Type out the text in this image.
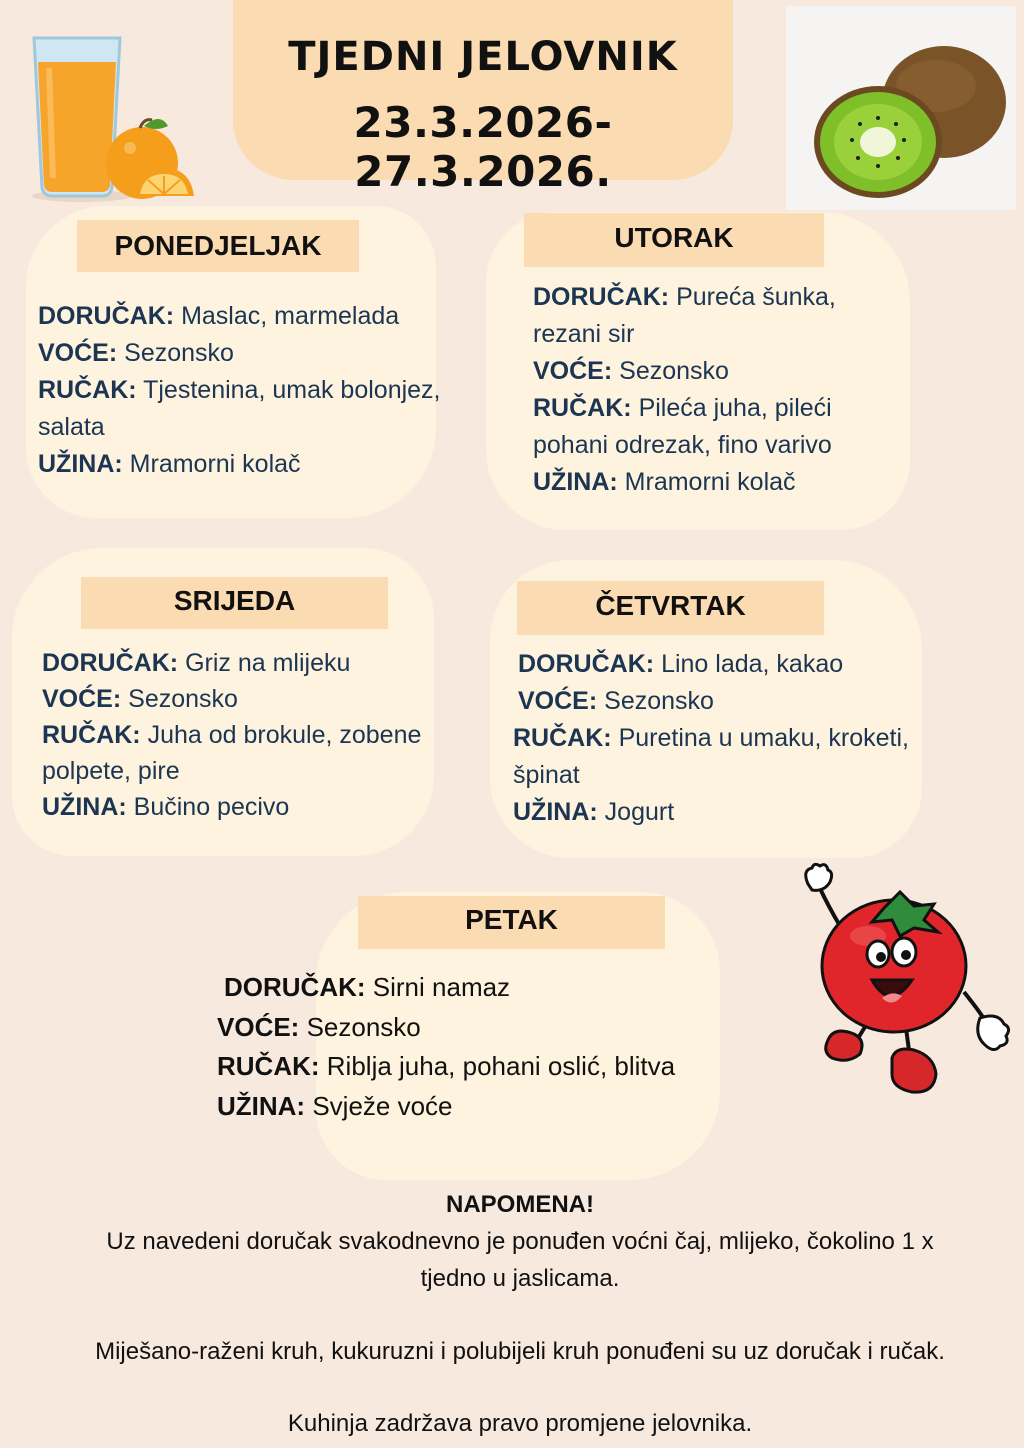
TJEDNI JELOVNIK
23.3.2026-27.3.2026.
PONEDJELJAK
DORUČAK: Maslac, marmelada
VOĆE: Sezonsko
RUČAK: Tjestenina, umak bolonjez,
salata
UŽINA: Mramorni kolač
UTORAK
DORUČAK: Pureća šunka,
rezani sir
VOĆE: Sezonsko
RUČAK: Pileća juha, pileći
pohani odrezak, fino varivo
UŽINA: Mramorni kolač
SRIJEDA
DORUČAK: Griz na mlijeku
VOĆE: Sezonsko
RUČAK: Juha od brokule, zobene
polpete, pire
UŽINA: Bučino pecivo
ČETVRTAK
DORUČAK: Lino lada, kakao
VOĆE: Sezonsko
RUČAK: Puretina u umaku, kroketi,
špinat
UŽINA: Jogurt
PETAK
DORUČAK: Sirni namaz
VOĆE: Sezonsko
RUČAK: Riblja juha, pohani oslić, blitva
UŽINA: Svježe voće
NAPOMENA!
Uz navedeni doručak svakodnevno je ponuđen voćni čaj, mlijeko, čokolino 1 x
tjedno u jaslicama.
Miješano-raženi kruh, kukuruzni i polubijeli kruh ponuđeni su uz doručak i ručak.
Kuhinja zadržava pravo promjene jelovnika.
